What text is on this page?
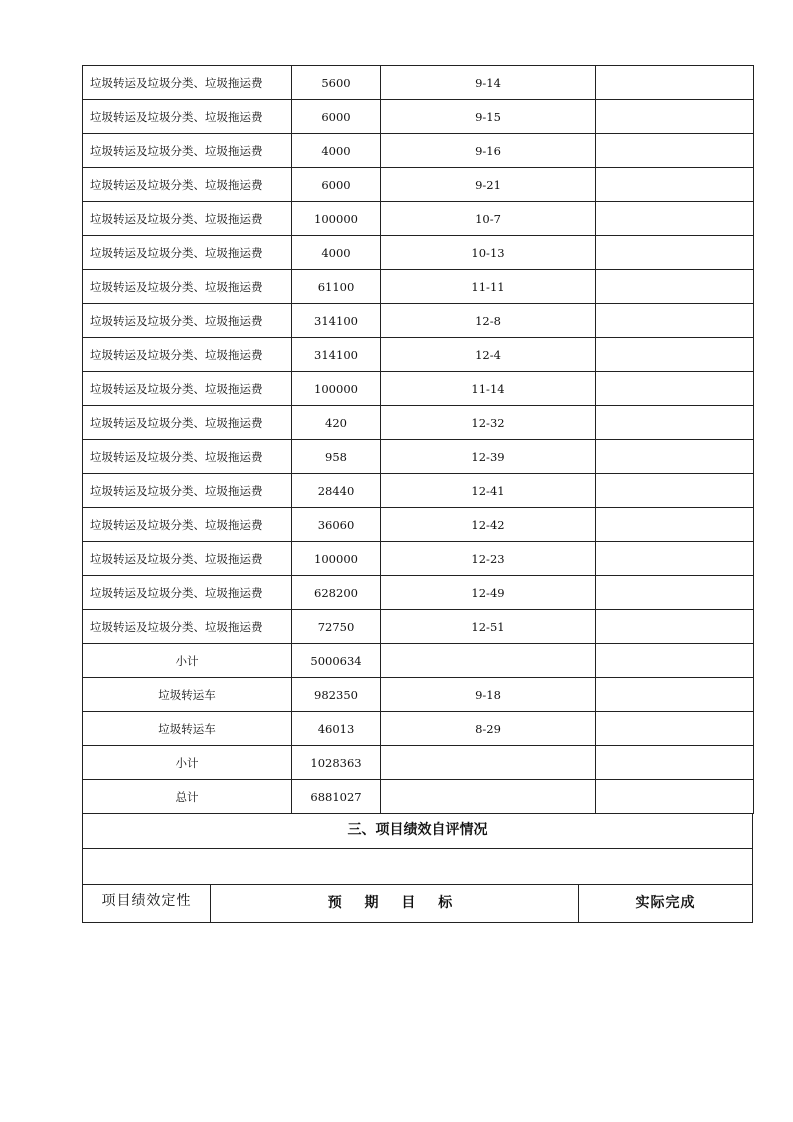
垃圾转运及垃圾分类、垃圾拖运费	5600	9-14	
垃圾转运及垃圾分类、垃圾拖运费	6000	9-15	
垃圾转运及垃圾分类、垃圾拖运费	4000	9-16	
垃圾转运及垃圾分类、垃圾拖运费	6000	9-21	
垃圾转运及垃圾分类、垃圾拖运费	100000	10-7	
垃圾转运及垃圾分类、垃圾拖运费	4000	10-13	
垃圾转运及垃圾分类、垃圾拖运费	61100	11-11	
垃圾转运及垃圾分类、垃圾拖运费	314100	12-8	
垃圾转运及垃圾分类、垃圾拖运费	314100	12-4	
垃圾转运及垃圾分类、垃圾拖运费	100000	11-14	
垃圾转运及垃圾分类、垃圾拖运费	420	12-32	
垃圾转运及垃圾分类、垃圾拖运费	958	12-39	
垃圾转运及垃圾分类、垃圾拖运费	28440	12-41	
垃圾转运及垃圾分类、垃圾拖运费	36060	12-42	
垃圾转运及垃圾分类、垃圾拖运费	100000	12-23	
垃圾转运及垃圾分类、垃圾拖运费	628200	12-49	
垃圾转运及垃圾分类、垃圾拖运费	72750	12-51	
小计	5000634		
垃圾转运车	982350	9-18	
垃圾转运车	46013	8-29	
小计	1028363		
总计	6881027		
三、项目绩效自评情况
项目绩效定性	预 期 目 标	实际完成
